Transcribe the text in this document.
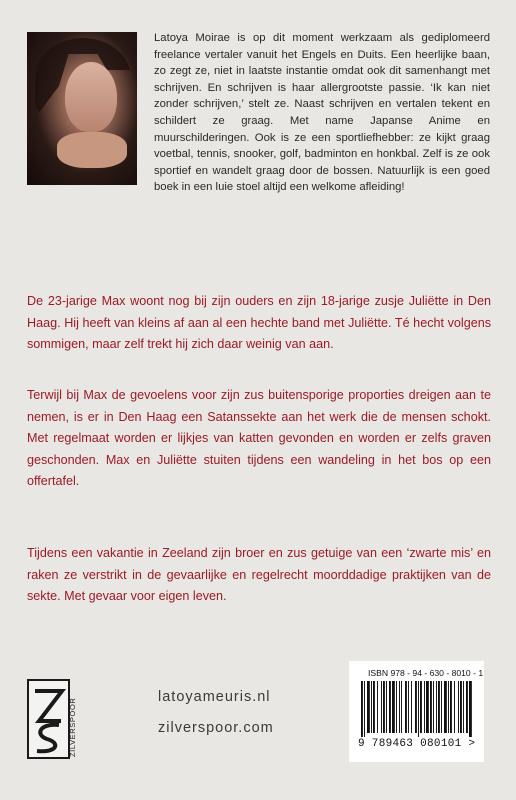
Latoya Moirae is op dit moment werkzaam als gediplomeerd freelance vertaler vanuit het Engels en Duits. Een heerlijke baan, zo zegt ze, niet in laatste instantie omdat ook dit samenhangt met schrijven. En schrijven is haar allergrootste passie. ‘Ik kan niet zonder schrijven,’ stelt ze. Naast schrijven en vertalen tekent en schildert ze graag. Met name Japanse Anime en muurschilderingen. Ook is ze een sportliefhebber: ze kijkt graag voetbal, tennis, snooker, golf, badminton en honkbal. Zelf is ze ook sportief en wandelt graag door de bossen. Natuurlijk is een goed boek in een luie stoel altijd een welkome afleiding!

De 23-jarige Max woont nog bij zijn ouders en zijn 18-jarige zusje Juliëtte in Den Haag. Hij heeft van kleins af aan al een hechte band met Juliëtte. Té hecht volgens sommigen, maar zelf trekt hij zich daar weinig van aan.

Terwijl bij Max de gevoelens voor zijn zus buitensporige proporties dreigen aan te nemen, is er in Den Haag een Satanssekte aan het werk die de mensen schokt. Met regelmaat worden er lijkjes van katten gevonden en worden er zelfs graven geschonden. Max en Juliëtte stuiten tijdens een wandeling in het bos op een offertafel.

Tijdens een vakantie in Zeeland zijn broer en zus getuige van een ‘zwarte mis’ en raken ze verstrikt in de gevaarlijke en regelrecht moorddadige praktijken van de sekte. Met gevaar voor eigen leven.

ZILVERSPOOR
latoyameuris.nl
zilverspoor.com
ISBN 978 - 94 - 630 - 8010 - 1
9 789463 080101 >
